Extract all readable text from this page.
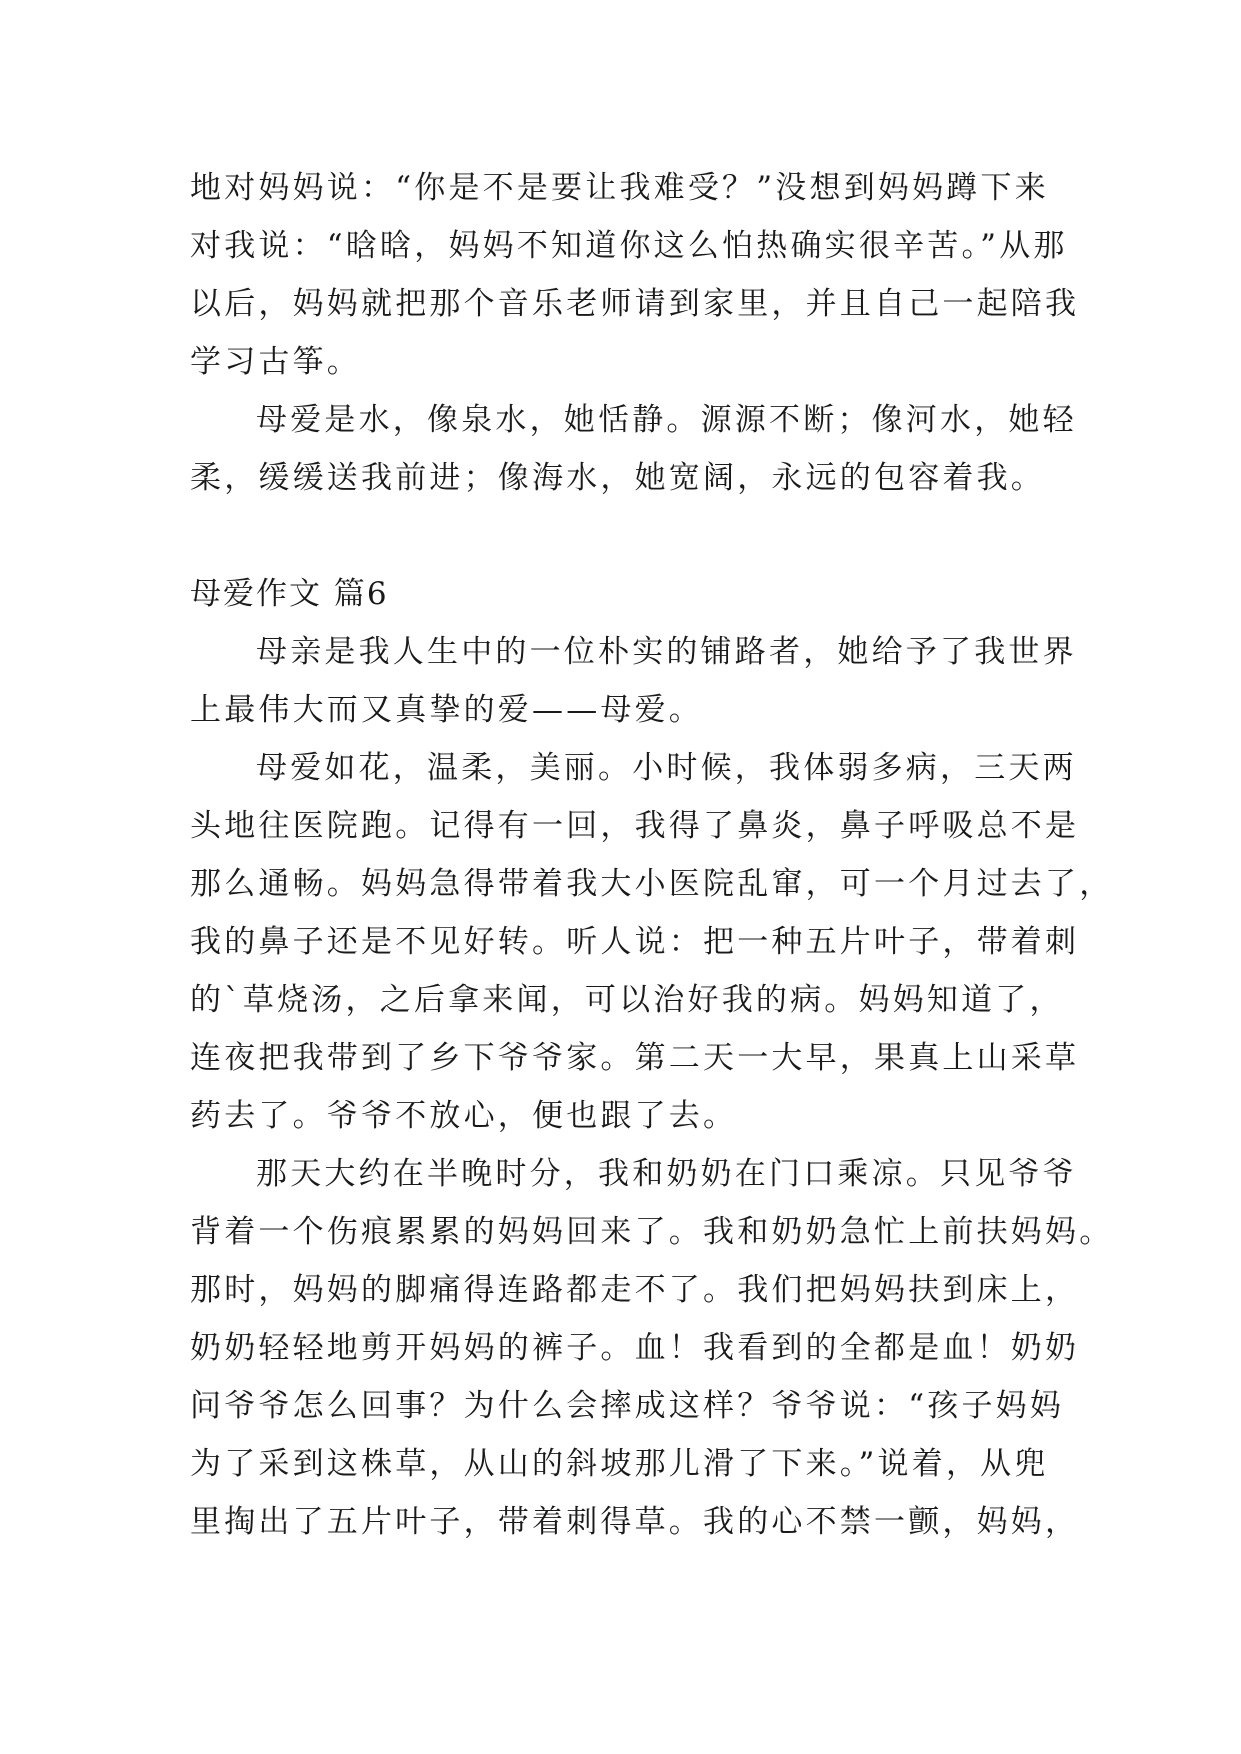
地对妈妈说：“你是不是要让我难受？”没想到妈妈蹲下来

对我说：“晗晗，妈妈不知道你这么怕热确实很辛苦。”从那

以后，妈妈就把那个音乐老师请到家里，并且自己一起陪我

学习古筝。

母爱是水，像泉水，她恬静。源源不断；像河水，她轻

柔，缓缓送我前进；像海水，她宽阔，永远的包容着我。

母爱作文 篇6

母亲是我人生中的一位朴实的铺路者，她给予了我世界

上最伟大而又真挚的爱——母爱。

母爱如花，温柔，美丽。小时候，我体弱多病，三天两

头地往医院跑。记得有一回，我得了鼻炎，鼻子呼吸总不是

那么通畅。妈妈急得带着我大小医院乱窜，可一个月过去了，

我的鼻子还是不见好转。听人说：把一种五片叶子，带着刺

的`草烧汤，之后拿来闻，可以治好我的病。妈妈知道了，

连夜把我带到了乡下爷爷家。第二天一大早，果真上山采草

药去了。爷爷不放心，便也跟了去。

那天大约在半晚时分，我和奶奶在门口乘凉。只见爷爷

背着一个伤痕累累的妈妈回来了。我和奶奶急忙上前扶妈妈。

那时，妈妈的脚痛得连路都走不了。我们把妈妈扶到床上，

奶奶轻轻地剪开妈妈的裤子。血！我看到的全都是血！奶奶

问爷爷怎么回事？为什么会摔成这样？爷爷说：“孩子妈妈

为了采到这株草，从山的斜坡那儿滑了下来。”说着，从兜

里掏出了五片叶子，带着刺得草。我的心不禁一颤，妈妈，
